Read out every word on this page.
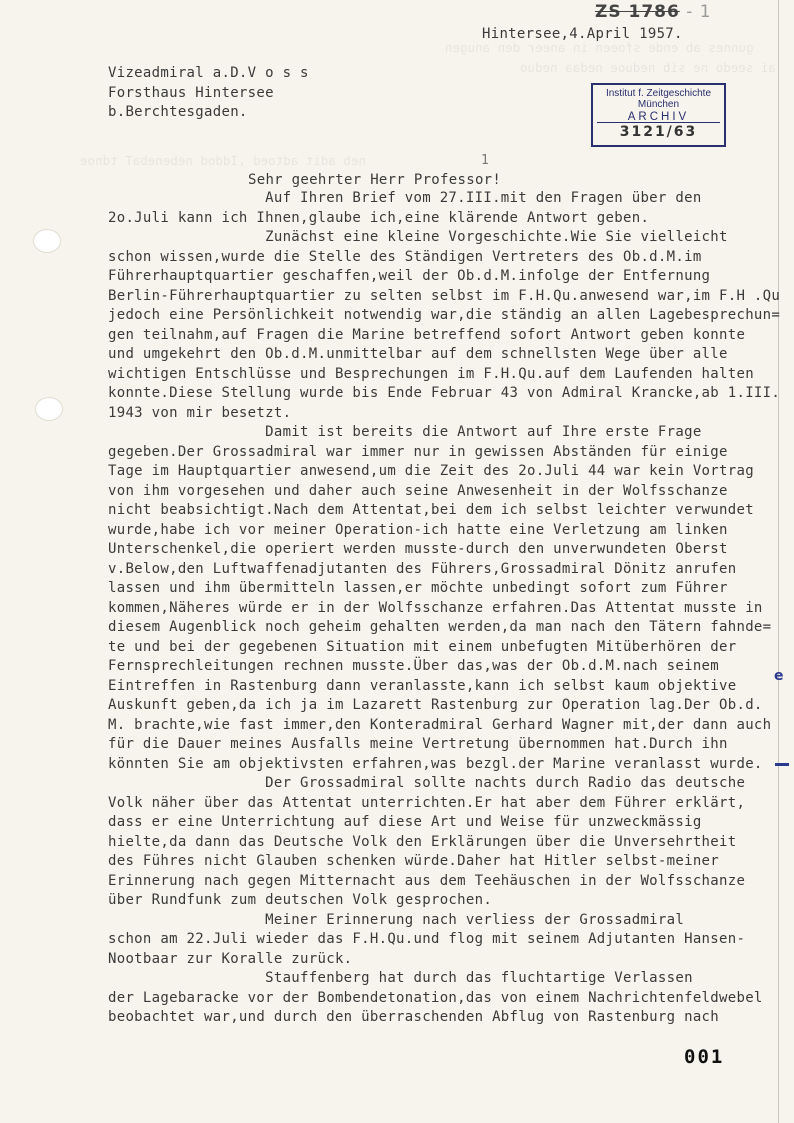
gunnes ab ende sfoeen in aneer den anugen
ai seedo ne sib neduoe nedaa neduo
neb adit adtoed ,Iddod nebenebaT tdnoe
ZS 1786 - 1
Hintersee,4.April 1957.
Vizeadmiral a.D.V o s s
Forsthaus Hintersee
b.Berchtesgaden.
Institut f. Zeitgeschichte
München
ARCHIV
3121/63
1
Sehr geehrter Herr Professor!
Auf Ihren Brief vom 27.III.mit den Fragen über den
2o.Juli kann ich Ihnen,glaube ich,eine klärende Antwort geben.
Zunächst eine kleine Vorgeschichte.Wie Sie vielleicht
schon wissen,wurde die Stelle des Ständigen Vertreters des Ob.d.M.im
Führerhauptquartier geschaffen,weil der Ob.d.M.infolge der Entfernung
Berlin-Führerhauptquartier zu selten selbst im F.H.Qu.anwesend war,im F.H .Qu
jedoch eine Persönlichkeit notwendig war,die ständig an allen Lagebesprechun=
gen teilnahm,auf Fragen die Marine betreffend sofort Antwort geben konnte
und umgekehrt den Ob.d.M.unmittelbar auf dem schnellsten Wege über alle
wichtigen Entschlüsse und Besprechungen im F.H.Qu.auf dem Laufenden halten
konnte.Diese Stellung wurde bis Ende Februar 43 von Admiral Krancke,ab 1.III.
1943 von mir besetzt.
Damit ist bereits die Antwort auf Ihre erste Frage
gegeben.Der Grossadmiral war immer nur in gewissen Abständen für einige
Tage im Hauptquartier anwesend,um die Zeit des 2o.Juli 44 war kein Vortrag
von ihm vorgesehen und daher auch seine Anwesenheit in der Wolfsschanze
nicht beabsichtigt.Nach dem Attentat,bei dem ich selbst leichter verwundet
wurde,habe ich vor meiner Operation-ich hatte eine Verletzung am linken
Unterschenkel,die operiert werden musste-durch den unverwundeten Oberst
v.Below,den Luftwaffenadjutanten des Führers,Grossadmiral Dönitz anrufen
lassen und ihm übermitteln lassen,er möchte unbedingt sofort zum Führer
kommen,Näheres würde er in der Wolfsschanze erfahren.Das Attentat musste in
diesem Augenblick noch geheim gehalten werden,da man nach den Tätern fahnde=
te und bei der gegebenen Situation mit einem unbefugten Mitüberhören der
Fernsprechleitungen rechnen musste.Über das,was der Ob.d.M.nach seinem
Eintreffen in Rastenburg dann veranlasste,kann ich selbst kaum objektive
Auskunft geben,da ich ja im Lazarett Rastenburg zur Operation lag.Der Ob.d.
M. brachte,wie fast immer,den Konteradmiral Gerhard Wagner mit,der dann auch
für die Dauer meines Ausfalls meine Vertretung übernommen hat.Durch ihn
könnten Sie am objektivsten erfahren,was bezgl.der Marine veranlasst wurde.
Der Grossadmiral sollte nachts durch Radio das deutsche
Volk näher über das Attentat unterrichten.Er hat aber dem Führer erklärt,
dass er eine Unterrichtung auf diese Art und Weise für unzweckmässig
hielte,da dann das Deutsche Volk den Erklärungen über die Unversehrtheit
des Führes nicht Glauben schenken würde.Daher hat Hitler selbst-meiner
Erinnerung nach gegen Mitternacht aus dem Teehäuschen in der Wolfsschanze
über Rundfunk zum deutschen Volk gesprochen.
Meiner Erinnerung nach verliess der Grossadmiral
schon am 22.Juli wieder das F.H.Qu.und flog mit seinem Adjutanten Hansen-
Nootbaar zur Koralle zurück.
Stauffenberg hat durch das fluchtartige Verlassen
der Lagebaracke vor der Bombendetonation,das von einem Nachrichtenfeldwebel
beobachtet war,und durch den überraschenden Abflug von Rastenburg nach
e
001
